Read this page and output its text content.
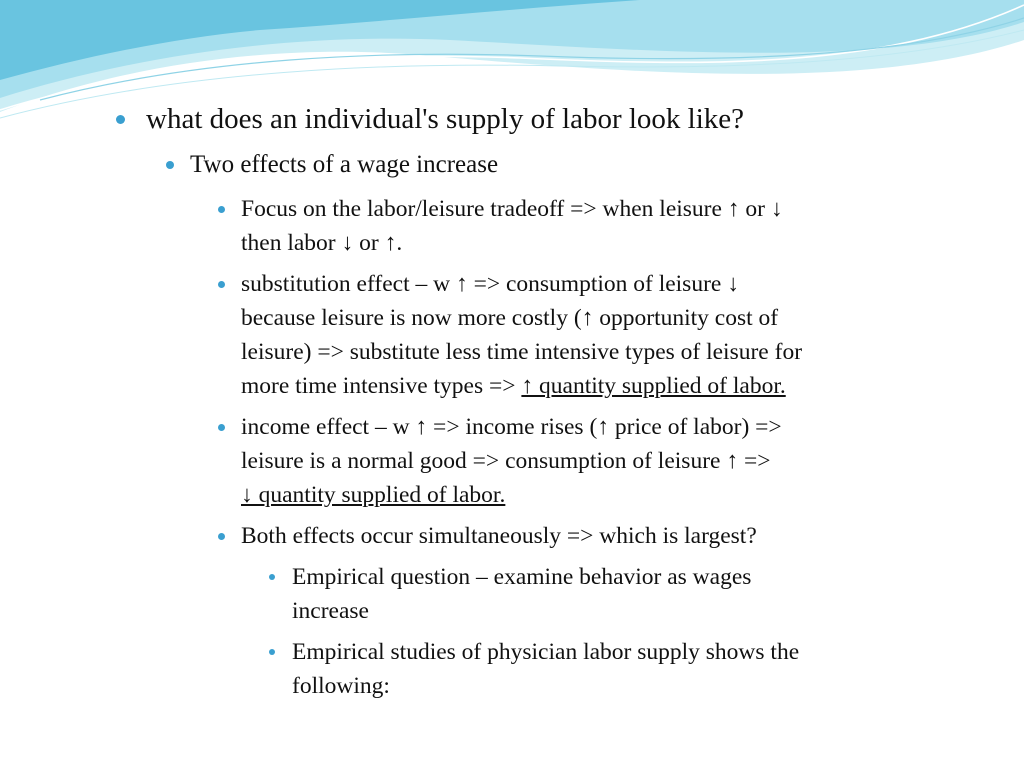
what does an individual's supply of labor look like?

Two effects of a wage increase

Focus on the labor/leisure tradeoff => when leisure ↑ or ↓
then labor ↓ or ↑.

substitution effect – w ↑ => consumption of leisure ↓
because leisure is now more costly (↑ opportunity cost of
leisure) => substitute less time intensive types of leisure for
more time intensive types => ↑ quantity supplied of labor.

income effect – w ↑ => income rises (↑ price of labor) =>
leisure is a normal good => consumption of leisure ↑ =>
↓ quantity supplied of labor.

Both effects occur simultaneously => which is largest?

Empirical question – examine behavior as wages
increase

Empirical studies of physician labor supply shows the
following:
